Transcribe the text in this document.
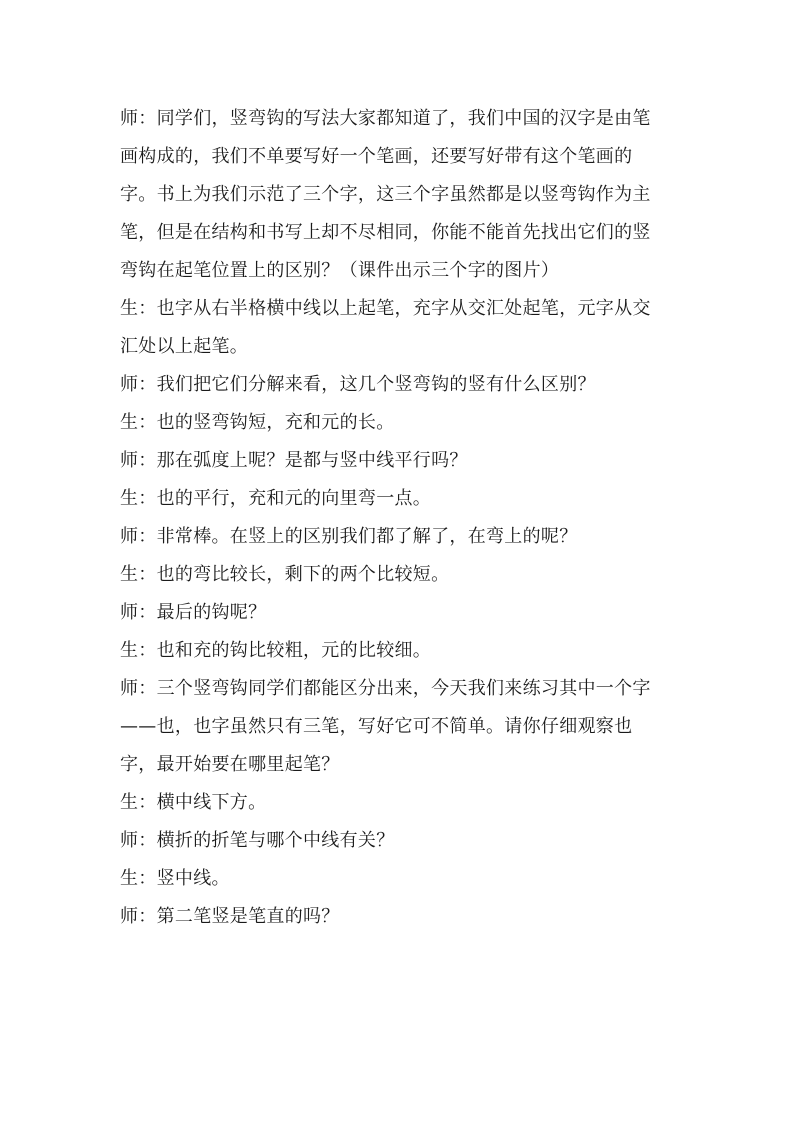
师：同学们，竖弯钩的写法大家都知道了，我们中国的汉字是由笔
画构成的，我们不单要写好一个笔画，还要写好带有这个笔画的
字。书上为我们示范了三个字，这三个字虽然都是以竖弯钩作为主
笔，但是在结构和书写上却不尽相同，你能不能首先找出它们的竖
弯钩在起笔位置上的区别？（课件出示三个字的图片）
生：也字从右半格横中线以上起笔，充字从交汇处起笔，元字从交
汇处以上起笔。
师：我们把它们分解来看，这几个竖弯钩的竖有什么区别？
生：也的竖弯钩短，充和元的长。
师：那在弧度上呢？是都与竖中线平行吗？
生：也的平行，充和元的向里弯一点。
师：非常棒。在竖上的区别我们都了解了，在弯上的呢？
生：也的弯比较长，剩下的两个比较短。
师：最后的钩呢？
生：也和充的钩比较粗，元的比较细。
师：三个竖弯钩同学们都能区分出来，今天我们来练习其中一个字
——也，也字虽然只有三笔，写好它可不简单。请你仔细观察也
字，最开始要在哪里起笔？
生：横中线下方。
师：横折的折笔与哪个中线有关？
生：竖中线。
师：第二笔竖是笔直的吗？
